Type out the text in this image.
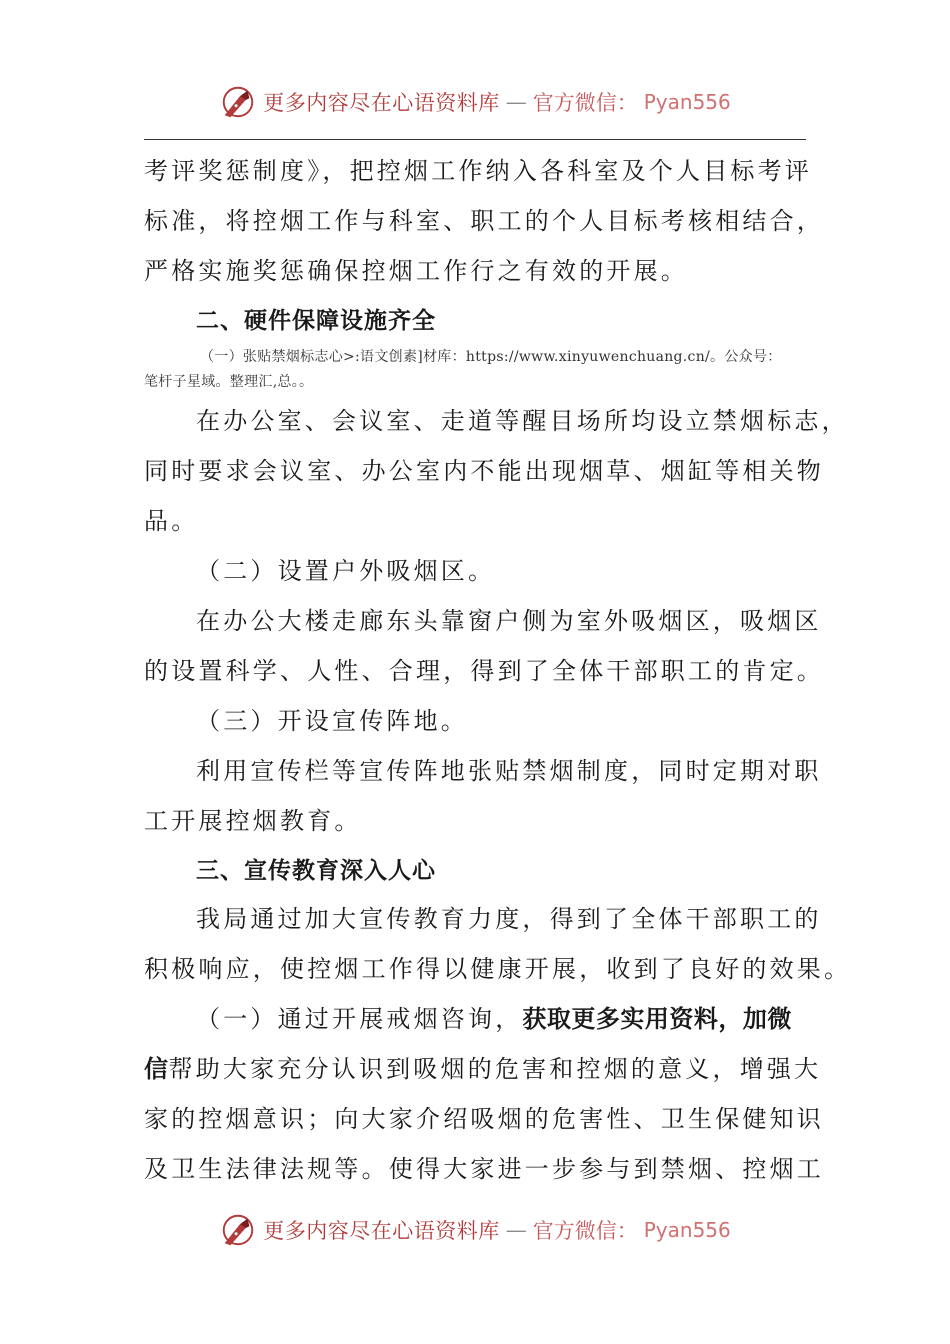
更多内容尽在心语资料库 — 官方微信： Pyan556
考评奖惩制度》，把控烟工作纳入各科室及个人目标考评
标准，将控烟工作与科室、职工的个人目标考核相结合，
严格实施奖惩确保控烟工作行之有效的开展。
二、硬件保障设施齐全
（一）张贴禁烟标志心>:语文创素]材库：https://www.xinyuwenchuang.cn/。公众号：
笔杆子星域。整理汇,总。。
在办公室、会议室、走道等醒目场所均设立禁烟标志，
同时要求会议室、办公室内不能出现烟草、烟缸等相关物
品。
（二）设置户外吸烟区。
在办公大楼走廊东头靠窗户侧为室外吸烟区，吸烟区
的设置科学、人性、合理，得到了全体干部职工的肯定。
（三）开设宣传阵地。
利用宣传栏等宣传阵地张贴禁烟制度，同时定期对职
工开展控烟教育。
三、宣传教育深入人心
我局通过加大宣传教育力度，得到了全体干部职工的
积极响应，使控烟工作得以健康开展，收到了良好的效果。
（一）通过开展戒烟咨询，获取更多实用资料，加微
信帮助大家充分认识到吸烟的危害和控烟的意义，增强大
家的控烟意识；向大家介绍吸烟的危害性、卫生保健知识
及卫生法律法规等。使得大家进一步参与到禁烟、控烟工
更多内容尽在心语资料库 — 官方微信： Pyan556
